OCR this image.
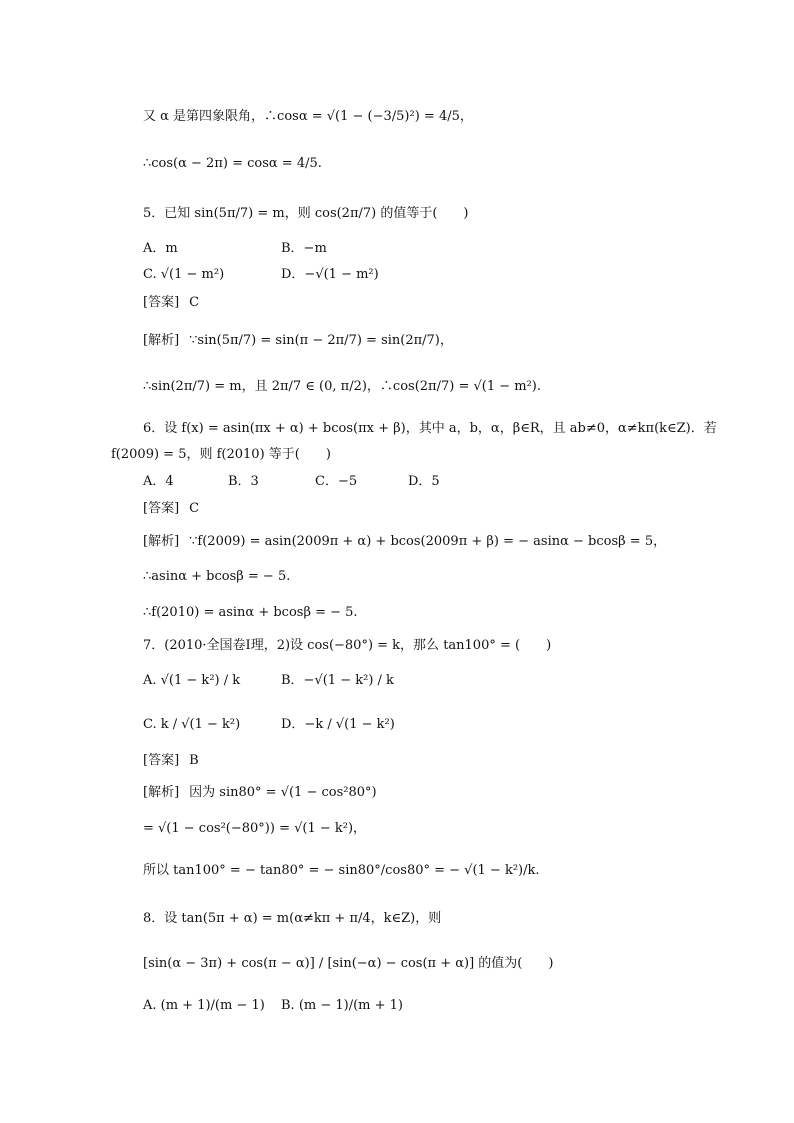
又 α 是第四象限角，∴cosα = √(1 − (−3/5)²) = 4/5，
∴cos(α − 2π) = cosα = 4/5.
5．已知 sin(5π/7) = m，则 cos(2π/7) 的值等于(　　)
A．m	B．−m
C. √(1 − m²)	D．−√(1 − m²)
[答案] C
[解析] ∵sin(5π/7) = sin(π − 2π/7) = sin(2π/7)，
∴sin(2π/7) = m，且 2π/7 ∈ (0, π/2)，∴cos(2π/7) = √(1 − m²).
6．设 f(x) = asin(πx + α) + bcos(πx + β)，其中 a，b，α，β∈R，且 ab≠0，α≠kπ(k∈Z)．若
f(2009) = 5，则 f(2010) 等于(　　)
A．4	B．3	C．−5	D．5
[答案] C
[解析] ∵f(2009) = asin(2009π + α) + bcos(2009π + β) = − asinα − bcosβ = 5，
∴asinα + bcosβ = − 5.
∴f(2010) = asinα + bcosβ = − 5.
7．(2010·全国卷Ⅰ理，2)设 cos(−80°) = k，那么 tan100° = (　　)
A. √(1 − k²) / k	B．−√(1 − k²) / k
C. k / √(1 − k²)	D．−k / √(1 − k²)
[答案] B
[解析] 因为 sin80° = √(1 − cos²80°)
= √(1 − cos²(−80°)) = √(1 − k²)，
所以 tan100° = − tan80° = − sin80°/cos80° = − √(1 − k²)/k.
8．设 tan(5π + α) = m(α≠kπ + π/4，k∈Z)，则
[sin(α − 3π) + cos(π − α)] / [sin(−α) − cos(π + α)] 的值为(　　)
A. (m + 1)/(m − 1) B. (m − 1)/(m + 1)
